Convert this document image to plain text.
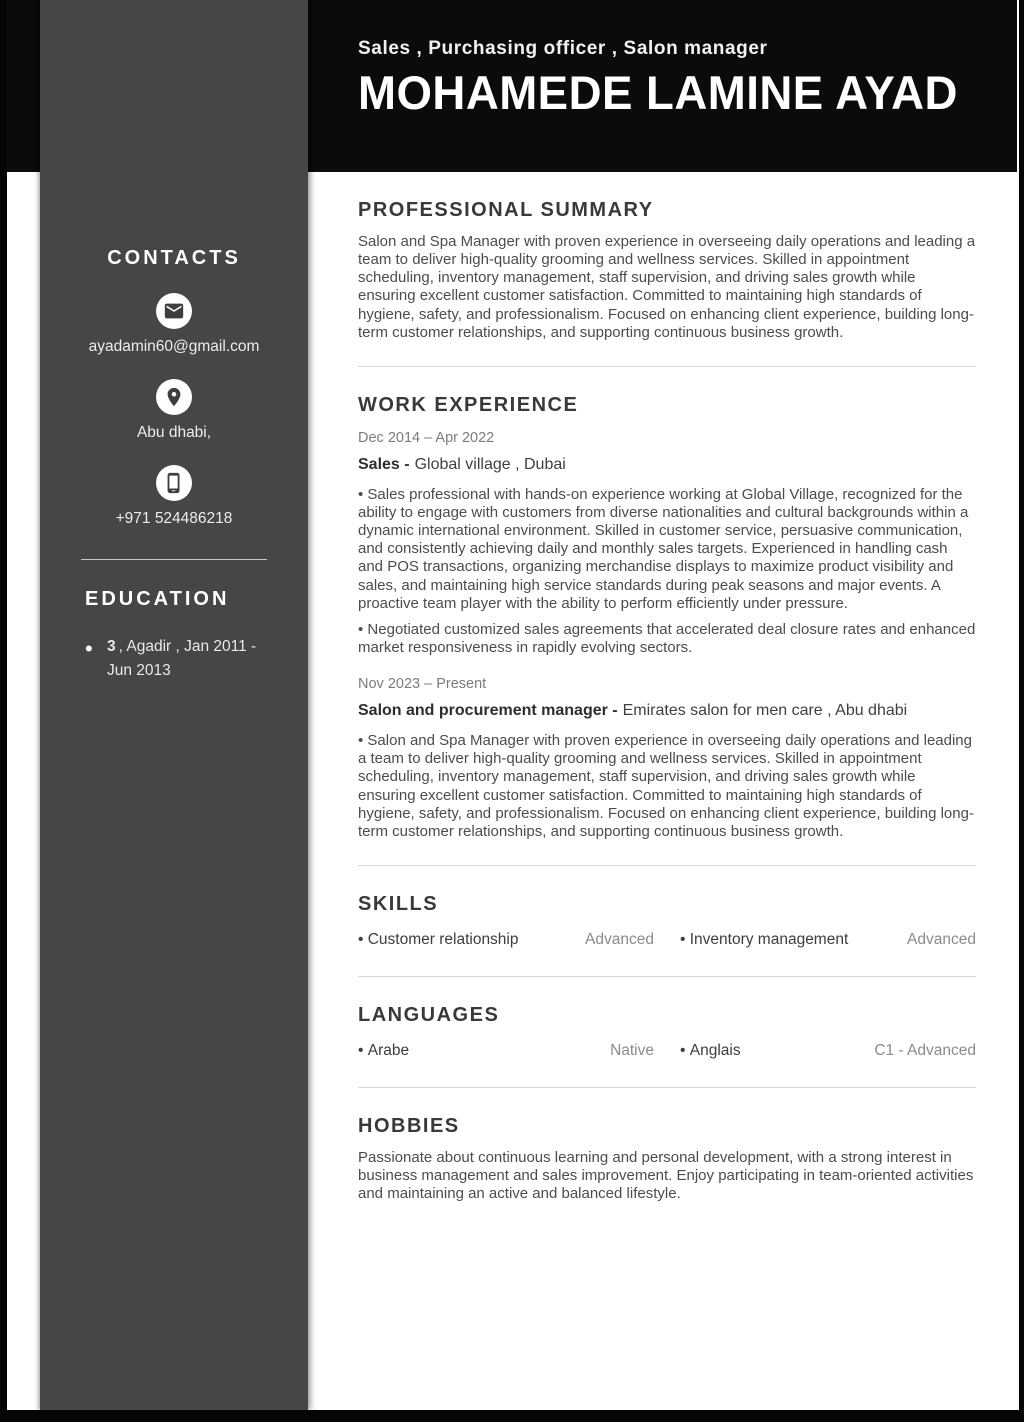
Sales , Purchasing officer , Salon manager
MOHAMEDE LAMINE AYAD
CONTACTS
ayadamin60@gmail.com
Abu dhabi,
+971 524486218
EDUCATION
• 3 , Agadir , Jan 2011 - Jun 2013
PROFESSIONAL SUMMARY

Salon and Spa Manager with proven experience in overseeing daily operations and leading a team to deliver high-quality grooming and wellness services. Skilled in appointment scheduling, inventory management, staff supervision, and driving sales growth while ensuring excellent customer satisfaction. Committed to maintaining high standards of hygiene, safety, and professionalism. Focused on enhancing client experience, building long-term customer relationships, and supporting continuous business growth.

WORK EXPERIENCE
Dec 2014 – Apr 2022
Sales - Global village , Dubai

• Sales professional with hands-on experience working at Global Village, recognized for the ability to engage with customers from diverse nationalities and cultural backgrounds within a dynamic international environment. Skilled in customer service, persuasive communication, and consistently achieving daily and monthly sales targets. Experienced in handling cash and POS transactions, organizing merchandise displays to maximize product visibility and sales, and maintaining high service standards during peak seasons and major events. A proactive team player with the ability to perform efficiently under pressure.

• Negotiated customized sales agreements that accelerated deal closure rates and enhanced market responsiveness in rapidly evolving sectors.

Nov 2023 – Present
Salon and procurement manager - Emirates salon for men care , Abu dhabi

• Salon and Spa Manager with proven experience in overseeing daily operations and leading a team to deliver high-quality grooming and wellness services. Skilled in appointment scheduling, inventory management, staff supervision, and driving sales growth while ensuring excellent customer satisfaction. Committed to maintaining high standards of hygiene, safety, and professionalism. Focused on enhancing client experience, building long-term customer relationships, and supporting continuous business growth.

SKILLS
• Customer relationship	Advanced	• Inventory management	Advanced
LANGUAGES
• Arabe	Native	• Anglais	C1 - Advanced
HOBBIES

Passionate about continuous learning and personal development, with a strong interest in business management and sales improvement. Enjoy participating in team-oriented activities and maintaining an active and balanced lifestyle.
